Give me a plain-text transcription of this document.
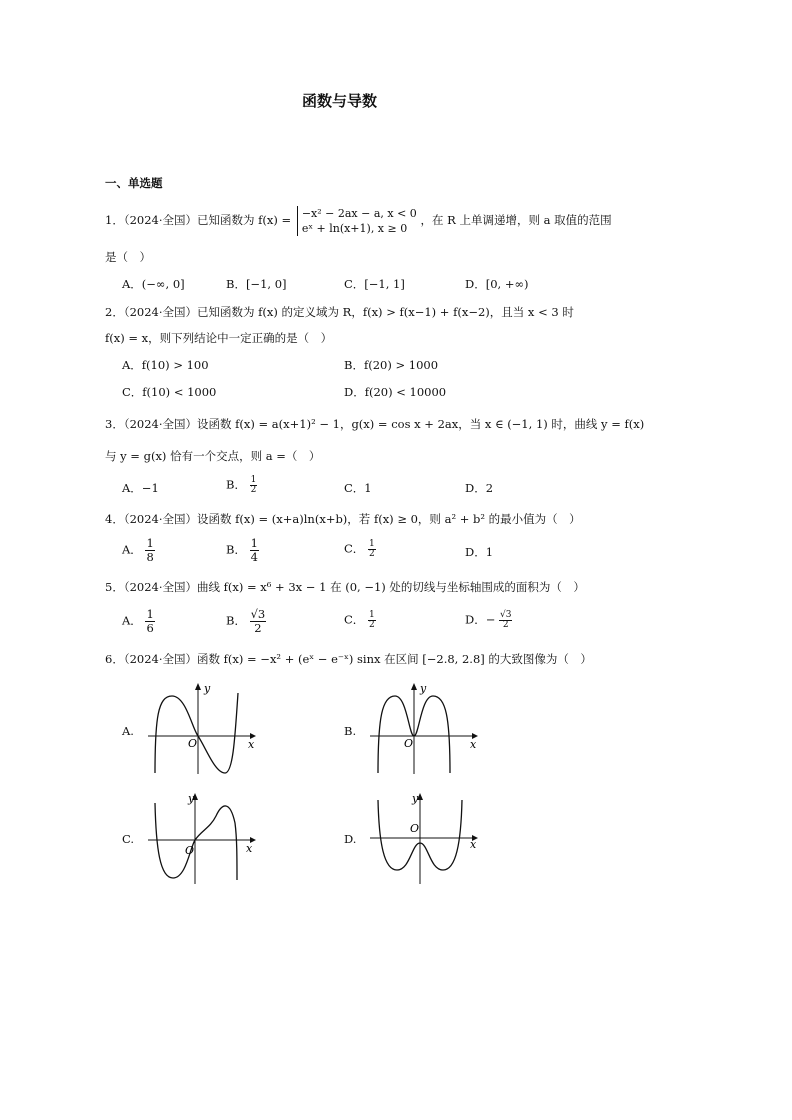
函数与导数
一、单选题
1．（2024·全国）已知函数为 f(x) = −x² − 2ax − a, x < 0
eˣ + ln(x+1), x ≥ 0
，在 R 上单调递增，则 a 取值的范围
是（　）
A．(−∞, 0]	B．[−1, 0]	C．[−1, 1]	D．[0, +∞)
2．（2024·全国）已知函数为 f(x) 的定义域为 R，f(x) > f(x−1) + f(x−2)，且当 x < 3 时
f(x) = x，则下列结论中一定正确的是（　）
A．f(10) > 100	B．f(20) > 1000
C．f(10) < 1000	D．f(20) < 10000
3．（2024·全国）设函数 f(x) = a(x+1)² − 1，g(x) = cos x + 2ax，当 x ∈ (−1, 1) 时，曲线 y = f(x)
与 y = g(x) 恰有一个交点，则 a =（　）
A．−1	B． $\frac{1}{2}$	C．1	D．2
4．（2024·全国）设函数 f(x) = (x+a)ln(x+b)，若 f(x) ≥ 0，则 a² + b² 的最小值为（　）
A． $\frac{1}{8}$	B． $\frac{1}{4}$	C． $\frac{1}{2}$	D．1
5．（2024·全国）曲线 f(x) = x⁶ + 3x − 1 在 (0, −1) 处的切线与坐标轴围成的面积为（　）
A． $\frac{1}{6}$	B． $\frac{√3}{2}$	C． $\frac{1}{2}$	D．− $\frac{√3}{2}$
6．（2024·全国）函数 f(x) = −x² + (eˣ − e⁻ˣ) sinx 在区间 [−2.8, 2.8] 的大致图像为（　）
A.
O
y
x
B.
O
y
x
C.
O
y
x
D.
O
y
x
